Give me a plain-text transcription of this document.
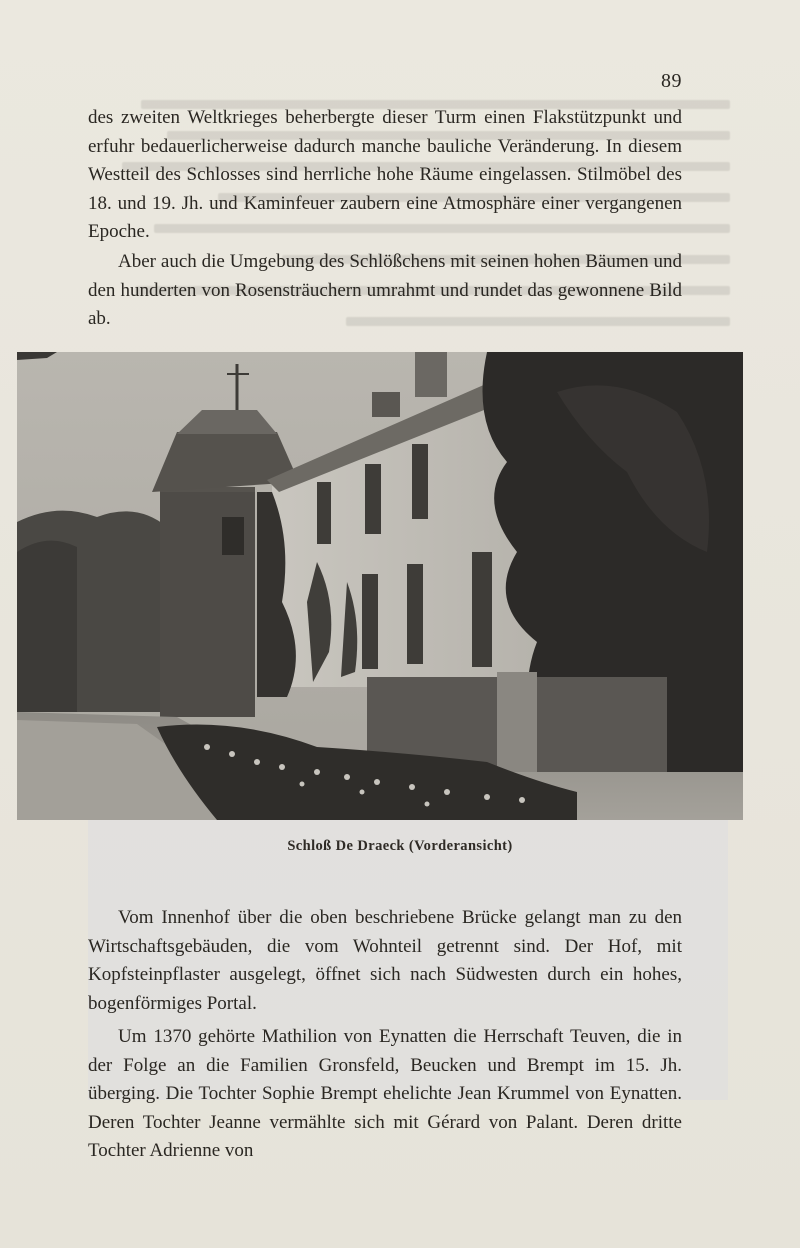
89

des zweiten Weltkrieges beherbergte dieser Turm einen Flakstützpunkt und erfuhr bedauerlicherweise dadurch manche bauliche Veränderung. In diesem Westteil des Schlosses sind herrliche hohe Räume eingelassen. Stilmöbel des 18. und 19. Jh. und Kaminfeuer zaubern eine Atmosphäre einer vergangenen Epoche.

Aber auch die Umgebung des Schlößchens mit seinen hohen Bäumen und den hunderten von Rosensträuchern umrahmt und rundet das gewonnene Bild ab.

Schloß De Draeck (Vorderansicht)

Vom Innenhof über die oben beschriebene Brücke gelangt man zu den Wirtschaftsgebäuden, die vom Wohnteil getrennt sind. Der Hof, mit Kopfsteinpflaster ausgelegt, öffnet sich nach Südwesten durch ein hohes, bogenförmiges Portal.

Um 1370 gehörte Mathilion von Eynatten die Herrschaft Teuven, die in der Folge an die Familien Gronsfeld, Beucken und Brempt im 15. Jh. überging. Die Tochter Sophie Brempt ehelichte Jean Krummel von Eynatten. Deren Tochter Jeanne vermählte sich mit Gérard von Palant. Deren dritte Tochter Adrienne von
